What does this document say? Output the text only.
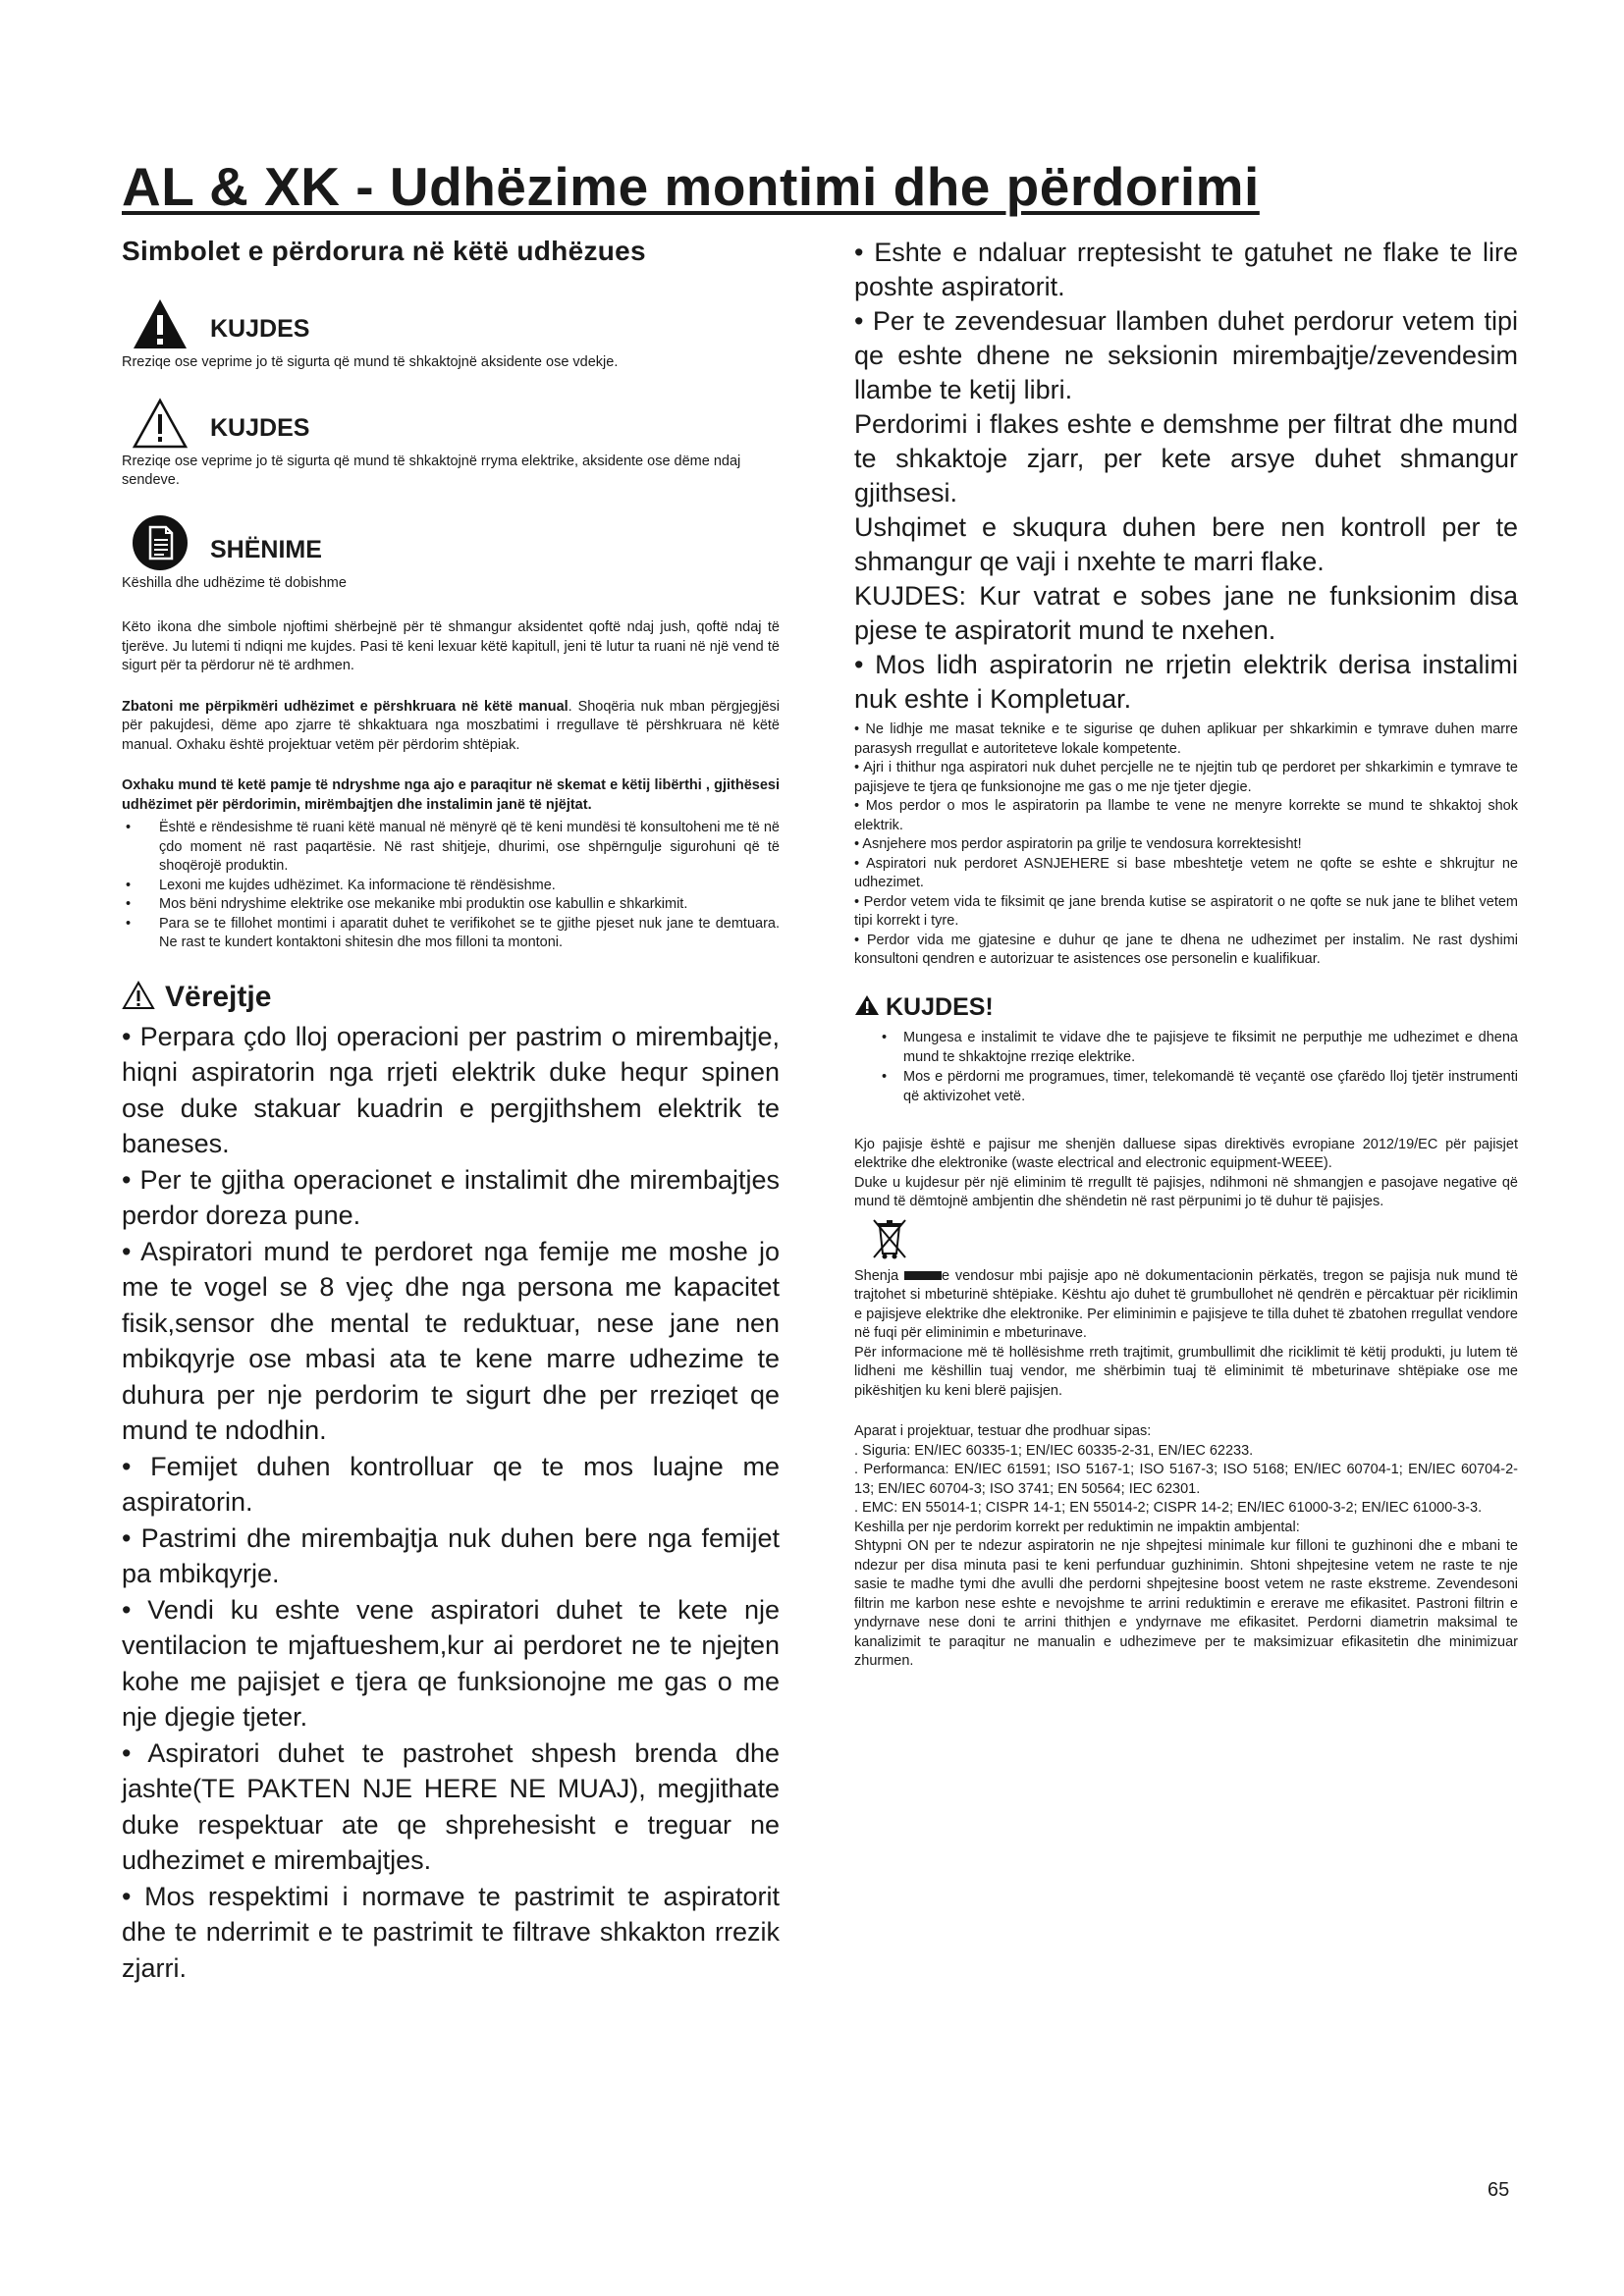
AL & XK - Udhëzime montimi dhe përdorimi
Simbolet e përdorura në këtë udhëzues
KUJDES

Rreziqe ose veprime jo të sigurta që mund të shkaktojnë aksidente ose vdekje.

KUJDES

Rreziqe ose veprime jo të sigurta që mund të shkaktojnë rryma elektrike, aksidente ose dëme ndaj sendeve.

SHËNIME

Këshilla dhe udhëzime të dobishme

Këto ikona dhe simbole njoftimi shërbejnë për të shmangur aksidentet qoftë ndaj jush, qoftë ndaj të tjerëve. Ju lutemi ti ndiqni me kujdes. Pasi të keni lexuar këtë kapitull, jeni të lutur ta ruani në një vend të sigurt për ta përdorur në të ardhmen.

Zbatoni me përpikmëri udhëzimet e përshkruara në këtë manual. Shoqëria nuk mban përgjegjësi për pakujdesi, dëme apo zjarre të shkaktuara nga moszbatimi i rregullave të përshkruara në këtë manual. Oxhaku është projektuar vetëm për përdorim shtëpiak.

Oxhaku mund të ketë pamje të ndryshme nga ajo e paraqitur në skemat e këtij libërthi , gjithësesi udhëzimet për përdorimin, mirëmbajtjen dhe instalimin janë të njëjtat.

• Është e rëndesishme të ruani këtë manual në mënyrë që të keni mundësi të konsultoheni me të në çdo moment në rast paqartësie. Në rast shitjeje, dhurimi, ose shpërngulje sigurohuni që të shoqërojë produktin.
• Lexoni me kujdes udhëzimet. Ka informacione të rëndësishme.
• Mos bëni ndryshime elektrike ose mekanike mbi produktin ose kabullin e shkarkimit.
• Para se te fillohet montimi i aparatit duhet te verifikohet se te gjithe pjeset nuk jane te demtuara. Ne rast te kundert kontaktoni shitesin dhe mos filloni ta montoni.
Vërejtje

• Perpara çdo lloj operacioni per pastrim o mirembajtje, hiqni aspiratorin nga rrjeti elektrik duke hequr spinen ose duke stakuar kuadrin e pergjithshem elektrik te baneses.

• Per te gjitha operacionet e instalimit dhe mirembajtjes perdor doreza pune.

• Aspiratori mund te perdoret nga femije me moshe jo me te vogel se 8 vjeç dhe nga persona me kapacitet fisik,sensor dhe mental te reduktuar, nese jane nen mbikqyrje ose mbasi ata te kene marre udhezime te duhura per nje perdorim te sigurt dhe per rreziqet qe mund te ndodhin.

• Femijet duhen kontrolluar qe te mos luajne me aspiratorin.

• Pastrimi dhe mirembajtja nuk duhen bere nga femijet pa mbikqyrje.

• Vendi ku eshte vene aspiratori duhet te kete nje ventilacion te mjaftueshem,kur ai perdoret ne te njejten kohe me pajisjet e tjera qe funksionojne me gas o me nje djegie tjeter.

• Aspiratori duhet te pastrohet shpesh brenda dhe jashte(TE PAKTEN NJE HERE NE MUAJ), megjithate duke respektuar ate qe shprehesisht e treguar ne udhezimet e mirembajtjes.

• Mos respektimi i normave te pastrimit te aspiratorit dhe te nderrimit e te pastrimit te filtrave shkakton rrezik zjarri.

• Eshte e ndaluar rreptesisht te gatuhet ne flake te lire poshte aspiratorit.

• Per te zevendesuar llamben duhet perdorur vetem tipi qe eshte dhene ne seksionin mirembajtje/zevendesim llambe te ketij libri.

Perdorimi i flakes eshte e demshme per filtrat dhe mund te shkaktoje zjarr, per kete arsye duhet shmangur gjithsesi.

Ushqimet e skuqura duhen bere nen kontroll per te shmangur qe vaji i nxehte te marri flake.

KUJDES: Kur vatrat e sobes jane ne funksionim disa pjese te aspiratorit mund te nxehen.

• Mos lidh aspiratorin ne rrjetin elektrik derisa instalimi nuk eshte i Kompletuar.

• Ne lidhje me masat teknike e te sigurise qe duhen aplikuar per shkarkimin e tymrave duhen marre parasysh rregullat e autoriteteve lokale kompetente.

• Ajri i thithur nga aspiratori nuk duhet percjelle ne te njejtin tub qe perdoret per shkarkimin e tymrave te pajisjeve te tjera qe funksionojne me gas o me nje tjeter djegie.

• Mos perdor o mos le aspiratorin pa llambe te vene ne menyre korrekte se mund te shkaktoj shok elektrik.

• Asnjehere mos perdor aspiratorin pa grilje te vendosura korrektesisht!

• Aspiratori nuk perdoret ASNJEHERE si base mbeshtetje vetem ne qofte se eshte e shkrujtur ne udhezimet.

• Perdor vetem vida te fiksimit qe jane brenda kutise se aspiratorit o ne qofte se nuk jane te blihet vetem tipi korrekt i tyre.

• Perdor vida me gjatesine e duhur qe jane te dhena ne udhezimet per instalim. Ne rast dyshimi konsultoni qendren e autorizuar te asistences ose personelin e kualifikuar.

KUJDES!
• Mungesa e instalimit te vidave dhe te pajisjeve te fiksimit ne perputhje me udhezimet e dhena mund te shkaktojne rreziqe elektrike.
• Mos e përdorni me programues, timer, telekomandë të veçantë ose çfarëdo lloj tjetër instrumenti që aktivizohet vetë.

Kjo pajisje është e pajisur me shenjën dalluese sipas direktivës evropiane 2012/19/EC për pajisjet elektrike dhe elektronike (waste electrical and electronic equipment-WEEE).

Duke u kujdesur për një eliminim të rregullt të pajisjes, ndihmoni në shmangjen e pasojave negative që mund të dëmtojnë ambjentin dhe shëndetin në rast përpunimi jo të duhur të pajisjes.

Shenja	e vendosur mbi pajisje apo në dokumentacionin përkatës, tregon se pajisja nuk mund të trajtohet si mbeturinë shtëpiake. Kështu ajo duhet të grumbullohet në qendrën e përcaktuar për riciklimin e pajisjeve elektrike dhe elektronike. Per eliminimin e pajisjeve te tilla duhet të zbatohen rregullat vendore në fuqi për eliminimin e mbeturinave.

Për informacione më të hollësishme rreth trajtimit, grumbullimit dhe riciklimit të këtij produkti, ju lutem të lidheni me këshillin tuaj vendor, me shërbimin tuaj të eliminimit të mbeturinave shtëpiake ose me pikëshitjen ku keni blerë pajisjen.

Aparat i projektuar, testuar dhe prodhuar sipas:

. Siguria: EN/IEC 60335-1; EN/IEC 60335-2-31, EN/IEC 62233.

. Performanca: EN/IEC 61591; ISO 5167-1; ISO 5167-3; ISO 5168; EN/IEC 60704-1; EN/IEC 60704-2-13; EN/IEC 60704-3; ISO 3741; EN 50564; IEC 62301.

. EMC: EN 55014-1; CISPR 14-1; EN 55014-2; CISPR 14-2; EN/IEC 61000-3-2; EN/IEC 61000-3-3.

Keshilla per nje perdorim korrekt per reduktimin ne impaktin ambjental:

Shtypni ON per te ndezur aspiratorin ne nje shpejtesi minimale kur filloni te guzhinoni dhe e mbani te ndezur per disa minuta pasi te keni perfunduar guzhinimin. Shtoni shpejtesine vetem ne raste te nje sasie te madhe tymi dhe avulli dhe perdorni shpejtesine boost vetem ne raste ekstreme. Zevendesoni filtrin me karbon nese eshte e nevojshme te arrini reduktimin e ererave me efikasitet. Pastroni filtrin e yndyrnave nese doni te arrini thithjen e yndyrnave me efikasitet. Perdorni diametrin maksimal te kanalizimit te paraqitur ne manualin e udhezimeve per te maksimizuar efikasitetin dhe minimizuar zhurmen.

65
